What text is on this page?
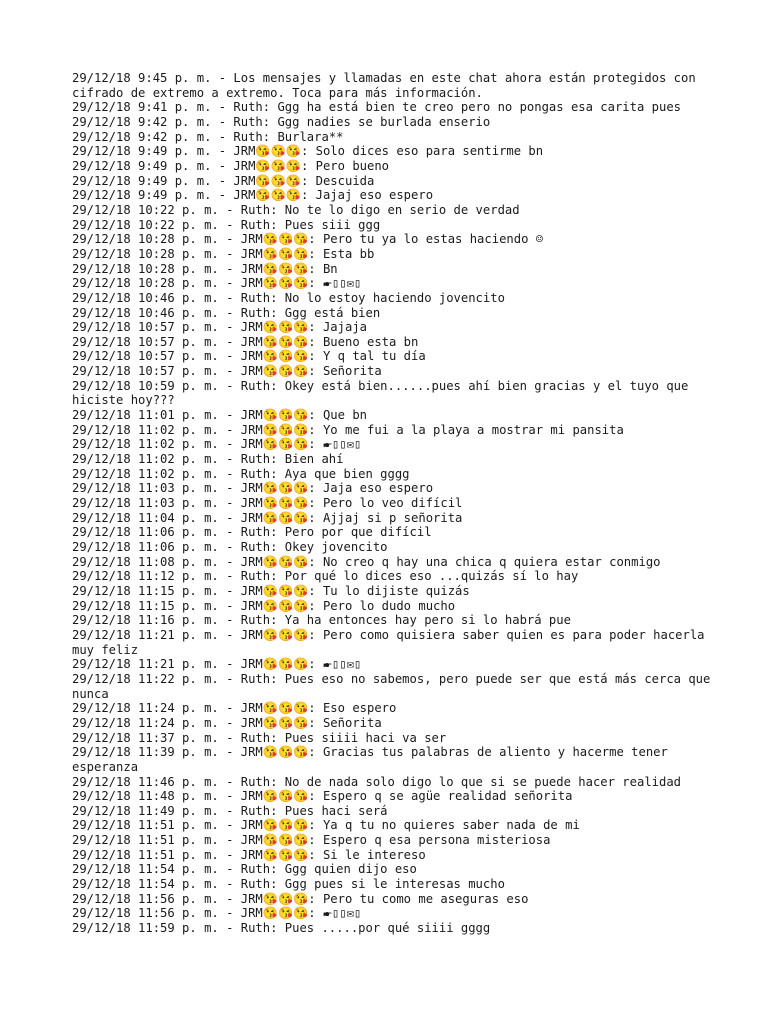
29/12/18 9:45 p. m. - Los mensajes y llamadas en este chat ahora están protegidos con cifrado de extremo a extremo. Toca para más información.
29/12/18 9:41 p. m. - Ruth: Ggg ha está bien te creo pero no pongas esa carita pues
29/12/18 9:42 p. m. - Ruth: Ggg nadies se burlada enserio
29/12/18 9:42 p. m. - Ruth: Burlara**
29/12/18 9:49 p. m. - JRM😘😘😘: Solo dices eso para sentirme bn
29/12/18 9:49 p. m. - JRM😘😘😘: Pero bueno
29/12/18 9:49 p. m. - JRM😘😘😘: Descuida
29/12/18 9:49 p. m. - JRM😘😘😘: Jajaj eso espero
29/12/18 10:22 p. m. - Ruth: No te lo digo en serio de verdad
29/12/18 10:22 p. m. - Ruth: Pues siii ggg
29/12/18 10:28 p. m. - JRM😘😘😘: Pero tu ya lo estas haciendo ☺
29/12/18 10:28 p. m. - JRM😘😘😘: Esta bb
29/12/18 10:28 p. m. - JRM😘😘😘: Bn
29/12/18 10:28 p. m. - JRM😘😘😘: 🖝▯▯✉▯
29/12/18 10:46 p. m. - Ruth: No lo estoy haciendo jovencito
29/12/18 10:46 p. m. - Ruth: Ggg está bien
29/12/18 10:57 p. m. - JRM😘😘😘: Jajaja
29/12/18 10:57 p. m. - JRM😘😘😘: Bueno esta bn
29/12/18 10:57 p. m. - JRM😘😘😘: Y q tal tu día
29/12/18 10:57 p. m. - JRM😘😘😘: Señorita
29/12/18 10:59 p. m. - Ruth: Okey está bien......pues ahí bien gracias y el tuyo que hiciste hoy???
29/12/18 11:01 p. m. - JRM😘😘😘: Que bn
29/12/18 11:02 p. m. - JRM😘😘😘: Yo me fui a la playa a mostrar mi pansita
29/12/18 11:02 p. m. - JRM😘😘😘: 🖝▯▯✉▯
29/12/18 11:02 p. m. - Ruth: Bien ahí
29/12/18 11:02 p. m. - Ruth: Aya que bien gggg
29/12/18 11:03 p. m. - JRM😘😘😘: Jaja eso espero
29/12/18 11:03 p. m. - JRM😘😘😘: Pero lo veo difícil
29/12/18 11:04 p. m. - JRM😘😘😘: Ajjaj si p señorita
29/12/18 11:06 p. m. - Ruth: Pero por que difícil
29/12/18 11:06 p. m. - Ruth: Okey jovencito
29/12/18 11:08 p. m. - JRM😘😘😘: No creo q hay una chica q quiera estar conmigo
29/12/18 11:12 p. m. - Ruth: Por qué lo dices eso ...quizás sí lo hay
29/12/18 11:15 p. m. - JRM😘😘😘: Tu lo dijiste quizás
29/12/18 11:15 p. m. - JRM😘😘😘: Pero lo dudo mucho
29/12/18 11:16 p. m. - Ruth: Ya ha entonces hay pero si lo habrá pue
29/12/18 11:21 p. m. - JRM😘😘😘: Pero como quisiera saber quien es para poder hacerla muy feliz
29/12/18 11:21 p. m. - JRM😘😘😘: 🖝▯▯✉▯
29/12/18 11:22 p. m. - Ruth: Pues eso no sabemos, pero puede ser que está más cerca que nunca
29/12/18 11:24 p. m. - JRM😘😘😘: Eso espero
29/12/18 11:24 p. m. - JRM😘😘😘: Señorita
29/12/18 11:37 p. m. - Ruth: Pues siiii haci va ser
29/12/18 11:39 p. m. - JRM😘😘😘: Gracias tus palabras de aliento y hacerme tener esperanza
29/12/18 11:46 p. m. - Ruth: No de nada solo digo lo que si se puede hacer realidad
29/12/18 11:48 p. m. - JRM😘😘😘: Espero q se agüe realidad señorita
29/12/18 11:49 p. m. - Ruth: Pues haci será
29/12/18 11:51 p. m. - JRM😘😘😘: Ya q tu no quieres saber nada de mi
29/12/18 11:51 p. m. - JRM😘😘😘: Espero q esa persona misteriosa
29/12/18 11:51 p. m. - JRM😘😘😘: Si le intereso
29/12/18 11:54 p. m. - Ruth: Ggg quien dijo eso
29/12/18 11:54 p. m. - Ruth: Ggg pues si le interesas mucho
29/12/18 11:56 p. m. - JRM😘😘😘: Pero tu como me aseguras eso
29/12/18 11:56 p. m. - JRM😘😘😘: 🖝▯▯✉▯
29/12/18 11:59 p. m. - Ruth: Pues .....por qué siiii gggg
